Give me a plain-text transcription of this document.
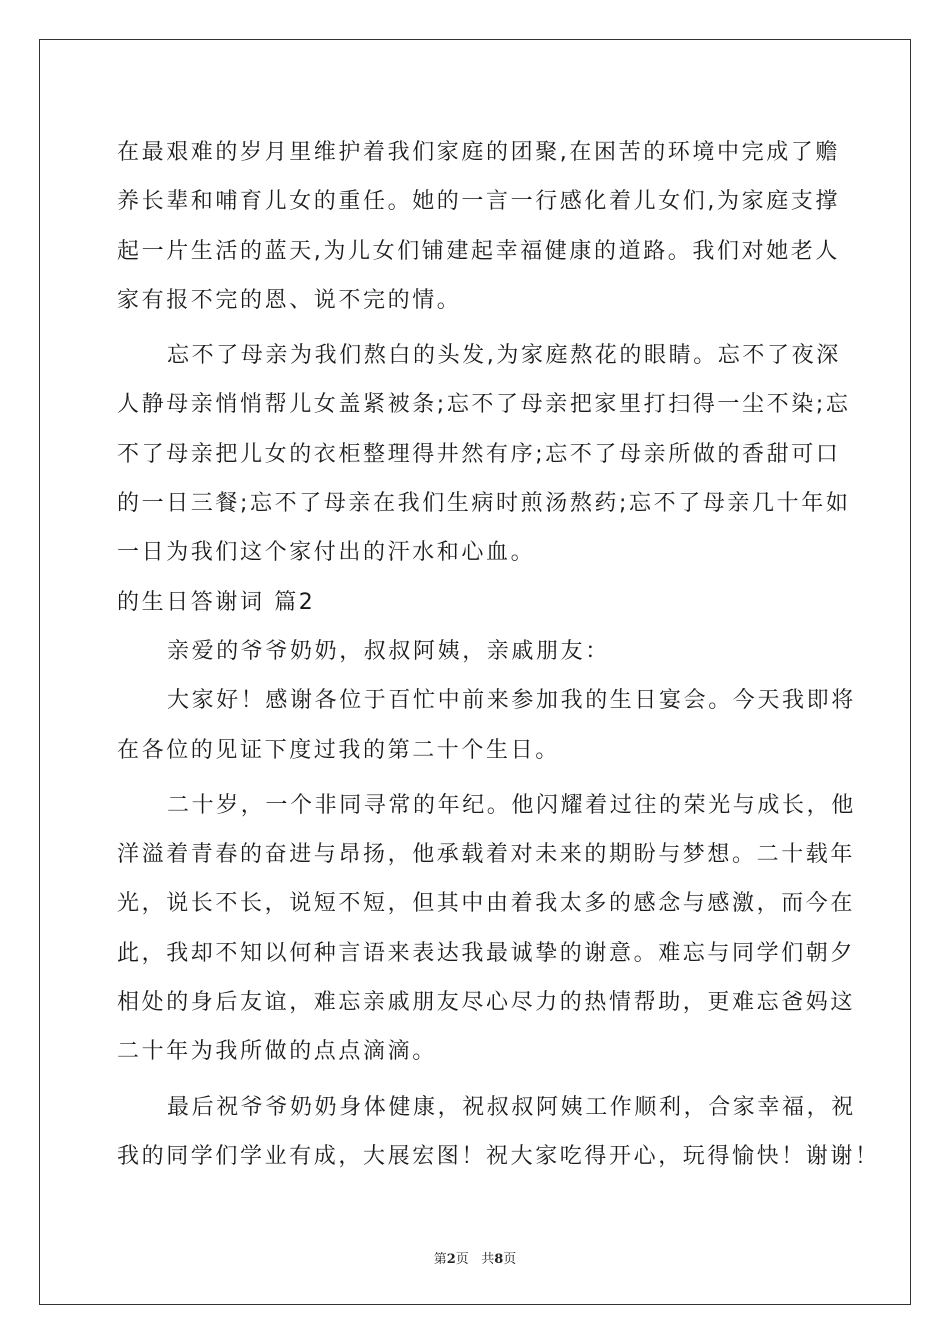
在最艰难的岁月里维护着我们家庭的团聚,在困苦的环境中完成了赡

养长辈和哺育儿女的重任。她的一言一行感化着儿女们,为家庭支撑

起一片生活的蓝天,为儿女们铺建起幸福健康的道路。我们对她老人

家有报不完的恩、说不完的情。

忘不了母亲为我们熬白的头发,为家庭熬花的眼睛。忘不了夜深

人静母亲悄悄帮儿女盖紧被条;忘不了母亲把家里打扫得一尘不染;忘

不了母亲把儿女的衣柜整理得井然有序;忘不了母亲所做的香甜可口

的一日三餐;忘不了母亲在我们生病时煎汤熬药;忘不了母亲几十年如

一日为我们这个家付出的汗水和心血。

的生日答谢词 篇2

亲爱的爷爷奶奶，叔叔阿姨，亲戚朋友：

大家好！感谢各位于百忙中前来参加我的生日宴会。今天我即将

在各位的见证下度过我的第二十个生日。

二十岁，一个非同寻常的年纪。他闪耀着过往的荣光与成长，他

洋溢着青春的奋进与昂扬，他承载着对未来的期盼与梦想。二十载年

光，说长不长，说短不短，但其中由着我太多的感念与感激，而今在

此，我却不知以何种言语来表达我最诚挚的谢意。难忘与同学们朝夕

相处的身后友谊，难忘亲戚朋友尽心尽力的热情帮助，更难忘爸妈这

二十年为我所做的点点滴滴。

最后祝爷爷奶奶身体健康，祝叔叔阿姨工作顺利，合家幸福，祝

我的同学们学业有成，大展宏图！祝大家吃得开心，玩得愉快！谢谢！

第2页 共8页
